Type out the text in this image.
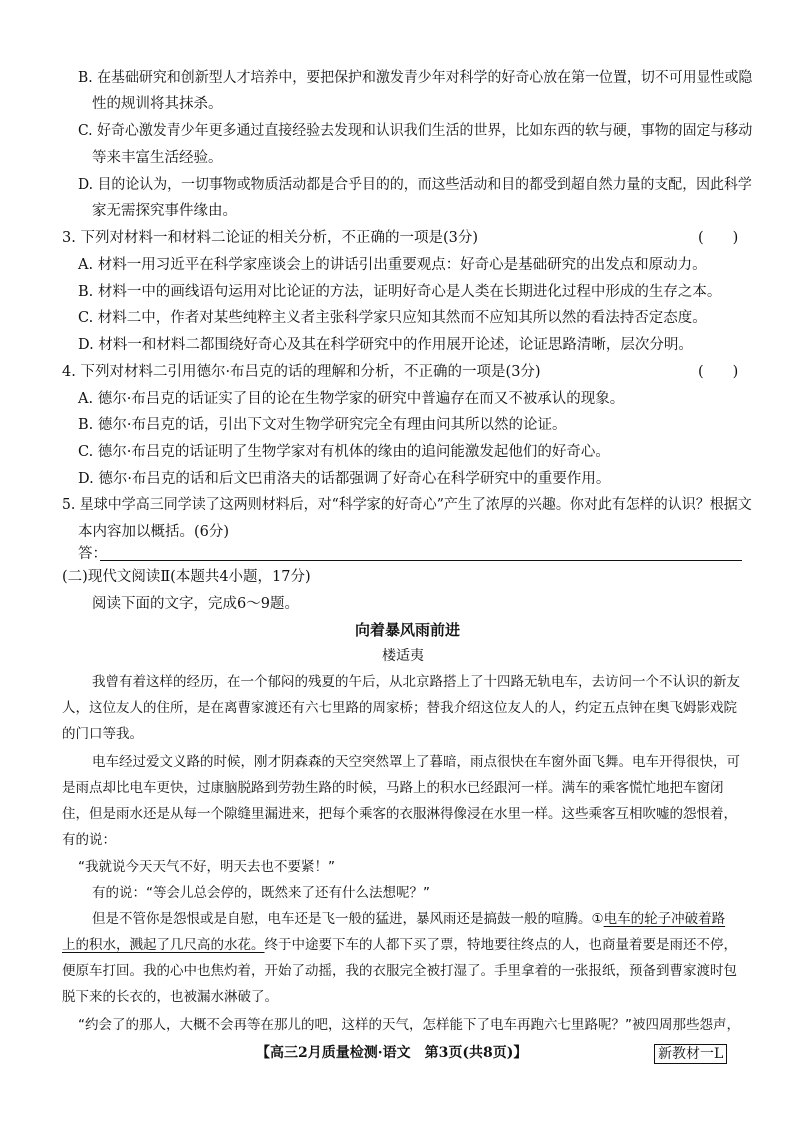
B. 在基础研究和创新型人才培养中，要把保护和激发青少年对科学的好奇心放在第一位置，切不可用显性或隐
性的规训将其抹杀。
C. 好奇心激发青少年更多通过直接经验去发现和认识我们生活的世界，比如东西的软与硬，事物的固定与移动
等来丰富生活经验。
D. 目的论认为，一切事物或物质活动都是合乎目的的，而这些活动和目的都受到超自然力量的支配，因此科学
家无需探究事件缘由。
3. 下列对材料一和材料二论证的相关分析，不正确的一项是(3分)	(　　)
A. 材料一用习近平在科学家座谈会上的讲话引出重要观点：好奇心是基础研究的出发点和原动力。
B. 材料一中的画线语句运用对比论证的方法，证明好奇心是人类在长期进化过程中形成的生存之本。
C. 材料二中，作者对某些纯粹主义者主张科学家只应知其然而不应知其所以然的看法持否定态度。
D. 材料一和材料二都围绕好奇心及其在科学研究中的作用展开论述，论证思路清晰，层次分明。
4. 下列对材料二引用德尔·布吕克的话的理解和分析，不正确的一项是(3分)	(　　)
A. 德尔·布吕克的话证实了目的论在生物学家的研究中普遍存在而又不被承认的现象。
B. 德尔·布吕克的话，引出下文对生物学研究完全有理由问其所以然的论证。
C. 德尔·布吕克的话证明了生物学家对有机体的缘由的追问能激发起他们的好奇心。
D. 德尔·布吕克的话和后文巴甫洛夫的话都强调了好奇心在科学研究中的重要作用。
5. 星球中学高三同学读了这两则材料后，对“科学家的好奇心”产生了浓厚的兴趣。你对此有怎样的认识？根据文
本内容加以概括。(6分)
答：
(二)现代文阅读Ⅱ(本题共4小题，17分)
阅读下面的文字，完成6～9题。
向着暴风雨前进
楼适夷
我曾有着这样的经历，在一个郁闷的残夏的午后，从北京路搭上了十四路无轨电车，去访问一个不认识的新友
人，这位友人的住所，是在离曹家渡还有六七里路的周家桥；替我介绍这位友人的人，约定五点钟在奥飞姆影戏院
的门口等我。
电车经过爱文义路的时候，刚才阴森森的天空突然罩上了暮暗，雨点很快在车窗外面飞舞。电车开得很快，可
是雨点却比电车更快，过康脑脱路到劳勃生路的时候，马路上的积水已经跟河一样。满车的乘客慌忙地把车窗闭
住，但是雨水还是从每一个隙缝里漏进来，把每个乘客的衣服淋得像浸在水里一样。这些乘客互相吹嘘的怨恨着，
有的说：
“我就说今天天气不好，明天去也不要紧！”
有的说：“等会儿总会停的，既然来了还有什么法想呢？”
但是不管你是怨恨或是自慰，电车还是飞一般的猛进，暴风雨还是搞鼓一般的喧腾。①电车的轮子冲破着路
上的积水，溅起了几尺高的水花。终于中途要下车的人都下买了票，特地要往终点的人，也商量着要是雨还不停，
便原车打回。我的心中也焦灼着，开始了动摇，我的衣服完全被打湿了。手里拿着的一张报纸，预备到曹家渡时包
脱下来的长衣的，也被漏水淋破了。
“约会了的那人，大概不会再等在那儿的吧，这样的天气，怎样能下了电车再跑六七里路呢？”被四周那些怨声，
【高三2月质量检测·语文　第3页(共8页)】	新教材一L
